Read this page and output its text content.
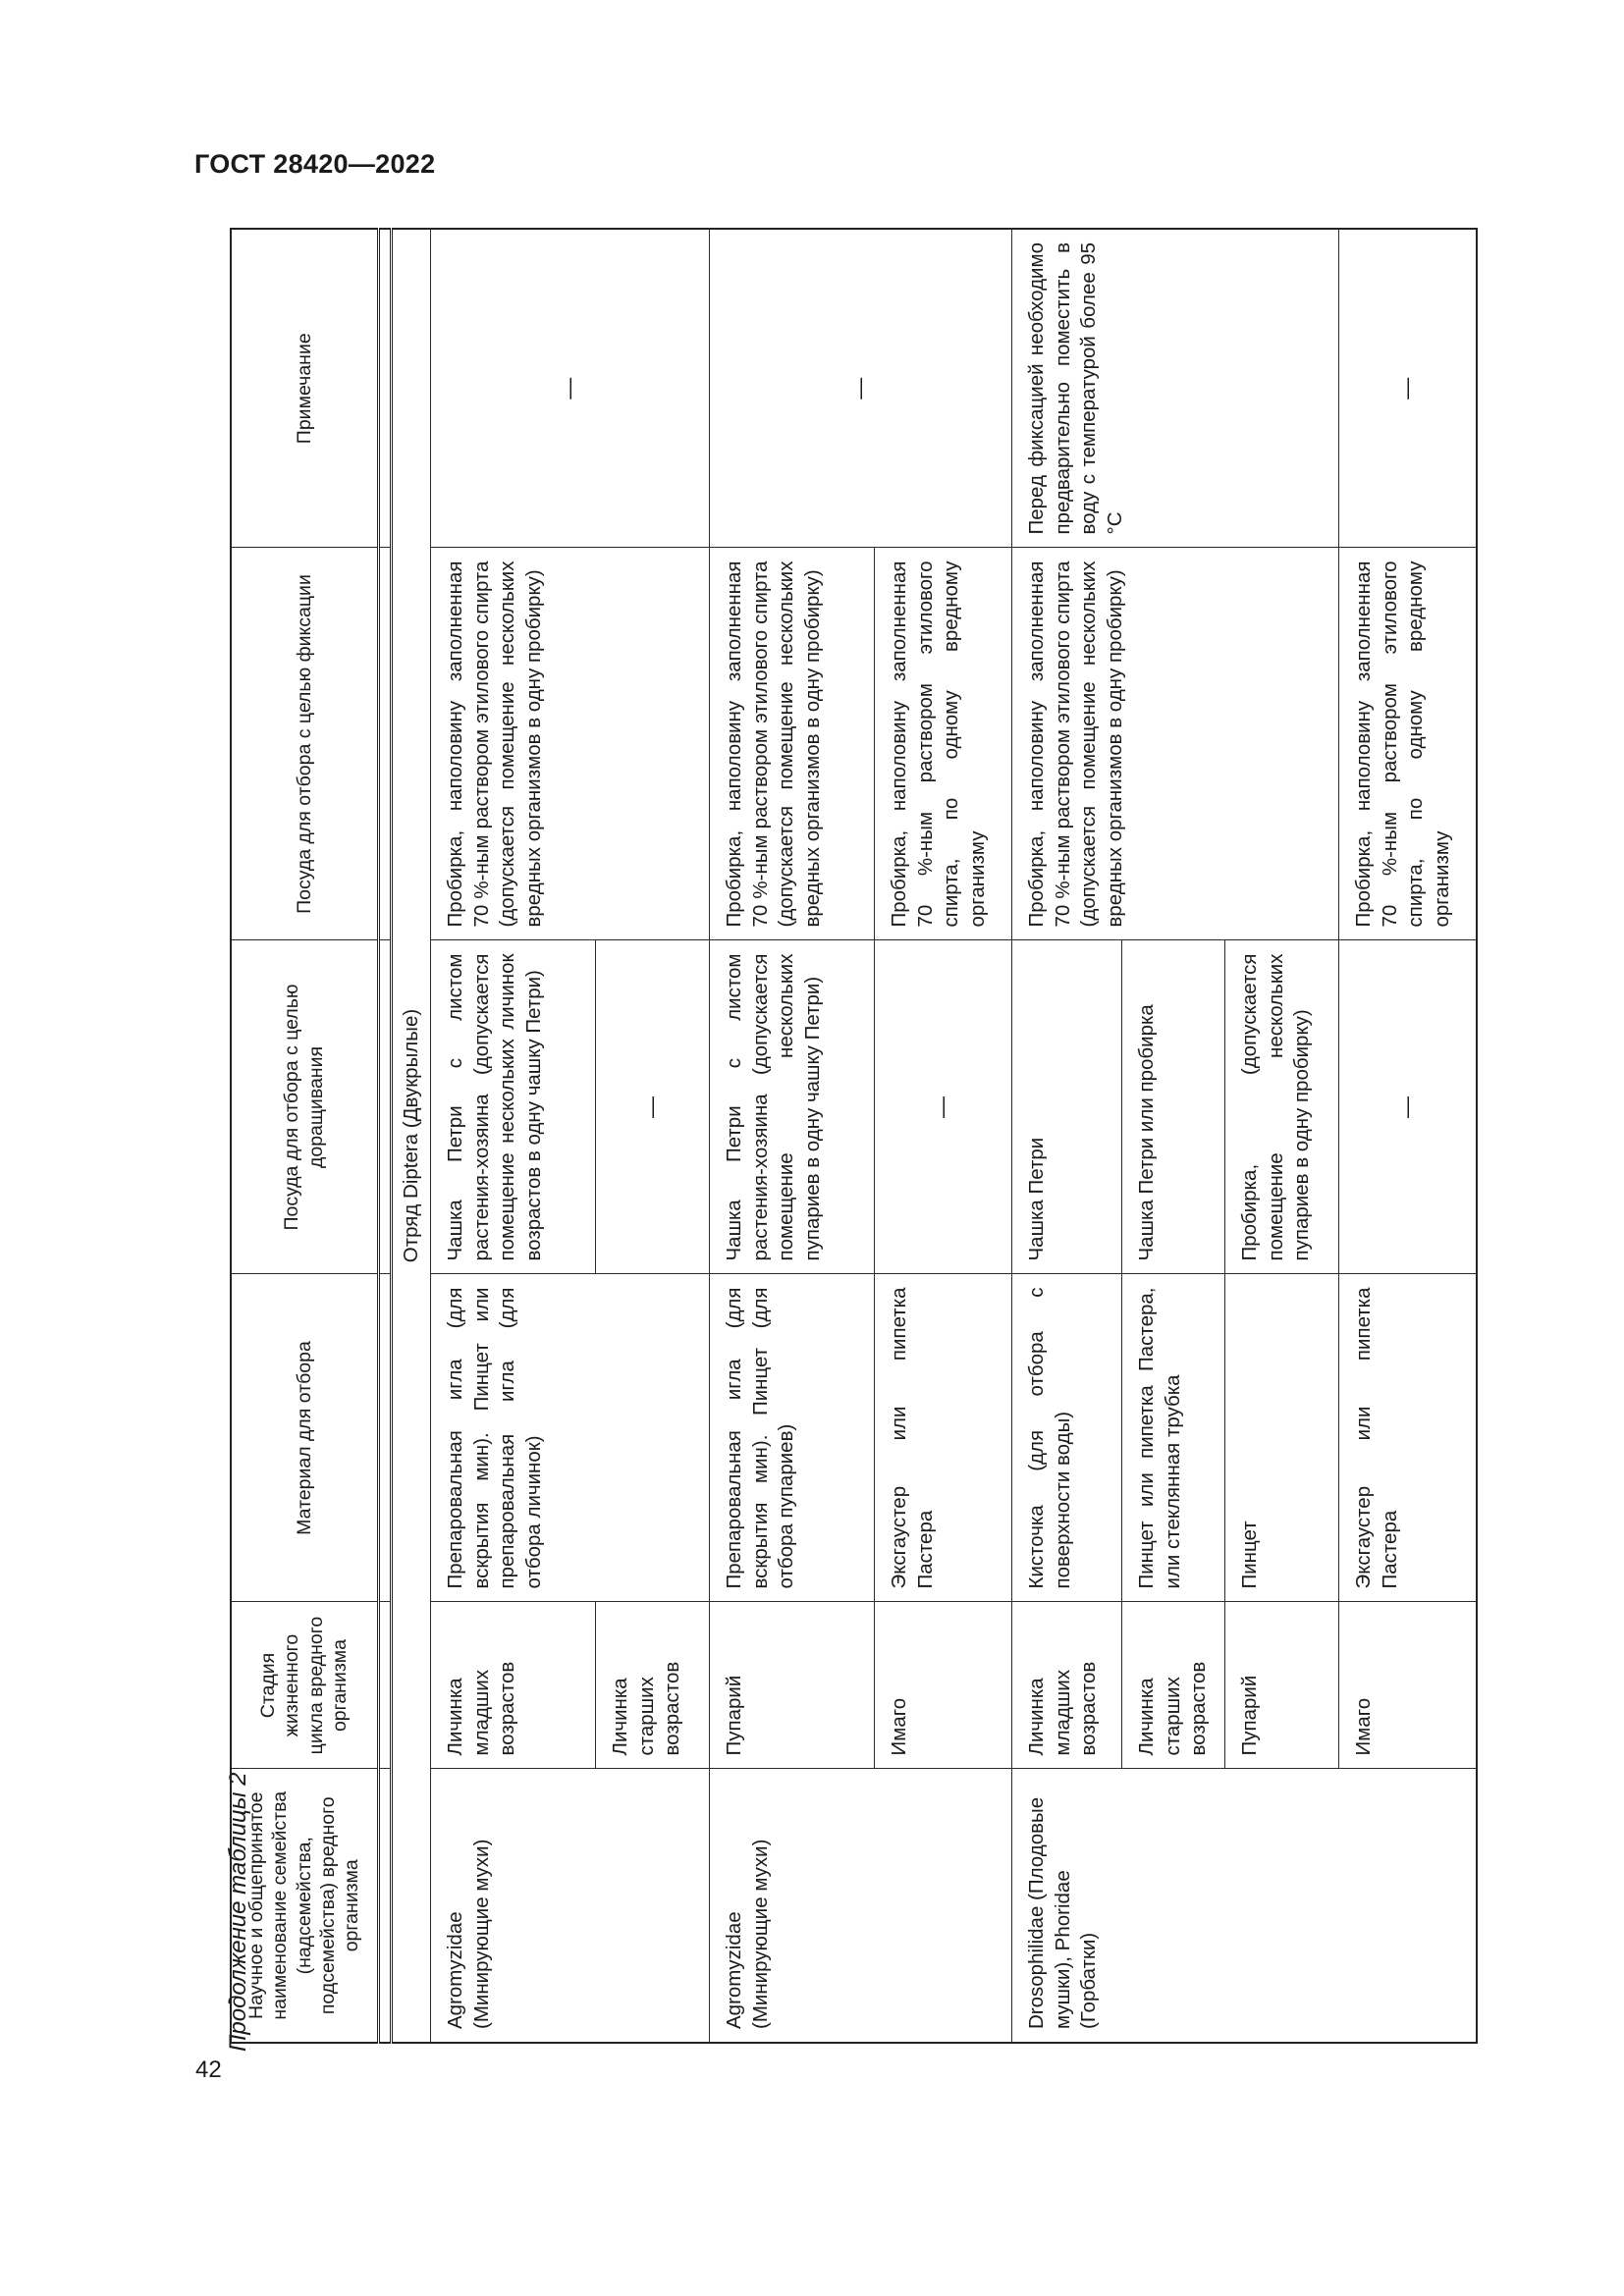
ГОСТ 28420—2022
42
Продолжение таблицы 2
Научное и общепринятое наименование семейства (надсемейства, подсемейства) вредного организма	Стадия жизненного цикла вредного организма	Материал для отбора	Посуда для отбора с целью доращивания	Посуда для отбора с целью фиксации	Примечание

Отряд Diptera (Двукрылые)					
Agromyzidae (Минирующие мухи)	Личинка младших возрастов	Препаровальная игла (для вскрытия мин). Пинцет или препаровальная игла (для отбора личинок)	Чашка Петри с листом растения-хозяина (допускается помещение нескольких личинок возрастов в одну чашку Петри)	Пробирка, наполовину заполненная 70 %-ным раствором этилового спирта (допускается помещение нескольких вредных организмов в одну пробирку)	—
	Личинка старших возрастов		—		
Agromyzidae (Минирующие мухи)	Пупарий	Препаровальная игла (для вскрытия мин). Пинцет (для отбора пупариев)	Чашка Петри с листом растения-хозяина (допускается помещение нескольких пупариев в одну чашку Петри)	Пробирка, наполовину заполненная 70 %-ным раствором этилового спирта (допускается помещение нескольких вредных организмов в одну пробирку)	—
	Имаго	Эксгаустер или пипетка Пастера	—	Пробирка, наполовину заполненная 70 %-ным раствором этилового спирта, по одному вредному организму	
Drosophilidae (Плодовые мушки), Phoridae (Горбатки)	Личинка младших возрастов	Кисточка (для отбора с поверхности воды)	Чашка Петри	Пробирка, наполовину заполненная 70 %-ным раствором этилового спирта (допускается помещение нескольких вредных организмов в одну пробирку)	Перед фиксацией необходимо предварительно поместить в воду с температурой более 95 °С
	Личинка старших возрастов	Пинцет или пипетка Пастера, или стеклянная трубка	Чашка Петри или пробирка		
	Пупарий	Пинцет	Пробирка, (допускается помещение нескольких пупариев в одну пробирку)		
	Имаго	Эксгаустер или пипетка Пастера	—	Пробирка, наполовину заполненная 70 %-ным раствором этилового спирта, по одному вредному организму	—
